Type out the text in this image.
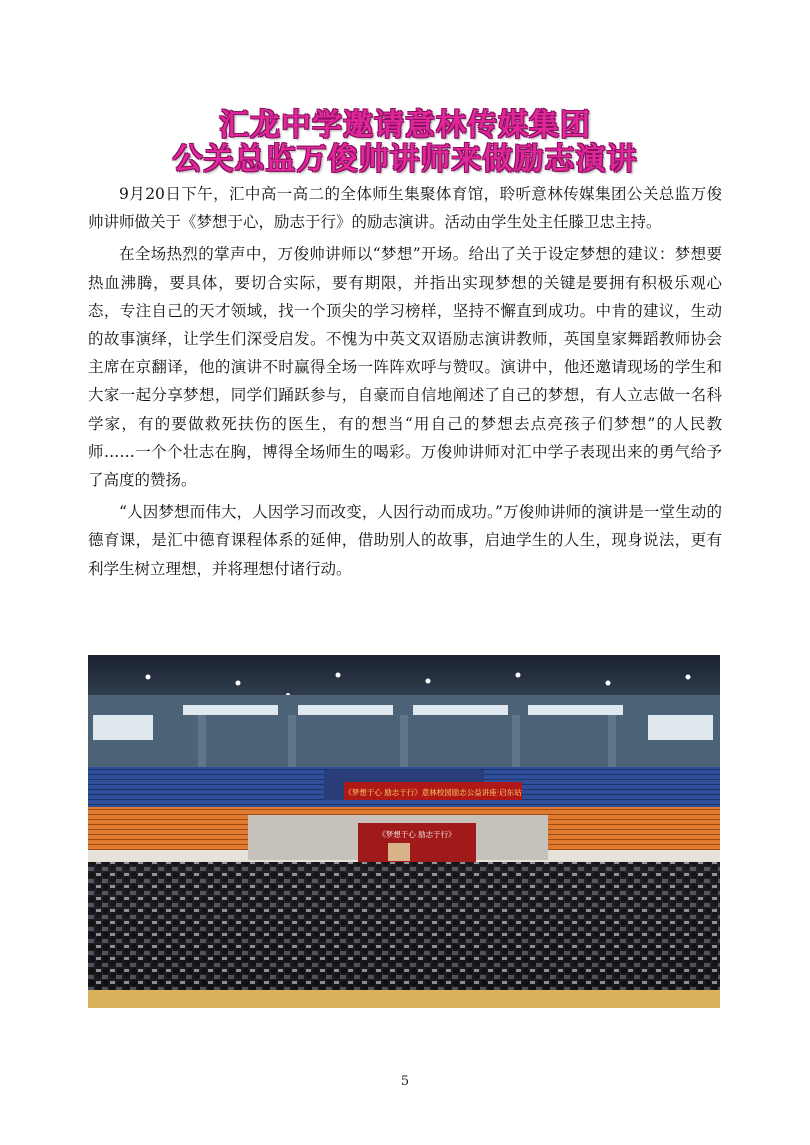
汇龙中学邀请意林传媒集团
公关总监万俊帅讲师来做励志演讲

9月20日下午，汇中高一高二的全体师生集聚体育馆，聆听意林传媒集团公关总监万俊帅讲师做关于《梦想于心，励志于行》的励志演讲。活动由学生处主任滕卫忠主持。

在全场热烈的掌声中，万俊帅讲师以“梦想”开场。给出了关于设定梦想的建议：梦想要热血沸腾，要具体，要切合实际，要有期限，并指出实现梦想的关键是要拥有积极乐观心态，专注自己的天才领域，找一个顶尖的学习榜样，坚持不懈直到成功。中肯的建议，生动的故事演绎，让学生们深受启发。不愧为中英文双语励志演讲教师，英国皇家舞蹈教师协会主席在京翻译，他的演讲不时赢得全场一阵阵欢呼与赞叹。演讲中，他还邀请现场的学生和大家一起分享梦想，同学们踊跃参与，自豪而自信地阐述了自己的梦想，有人立志做一名科学家，有的要做救死扶伤的医生，有的想当“用自己的梦想去点亮孩子们梦想”的人民教师……一个个壮志在胸，博得全场师生的喝彩。万俊帅讲师对汇中学子表现出来的勇气给予了高度的赞扬。

“人因梦想而伟大，人因学习而改变，人因行动而成功。”万俊帅讲师的演讲是一堂生动的德育课，是汇中德育课程体系的延伸，借助别人的故事，启迪学生的人生，现身说法，更有利学生树立理想，并将理想付诸行动。

《梦想于心 励志于行》意林校园励志公益讲座·启东站
《梦想于心 励志于行》
5
